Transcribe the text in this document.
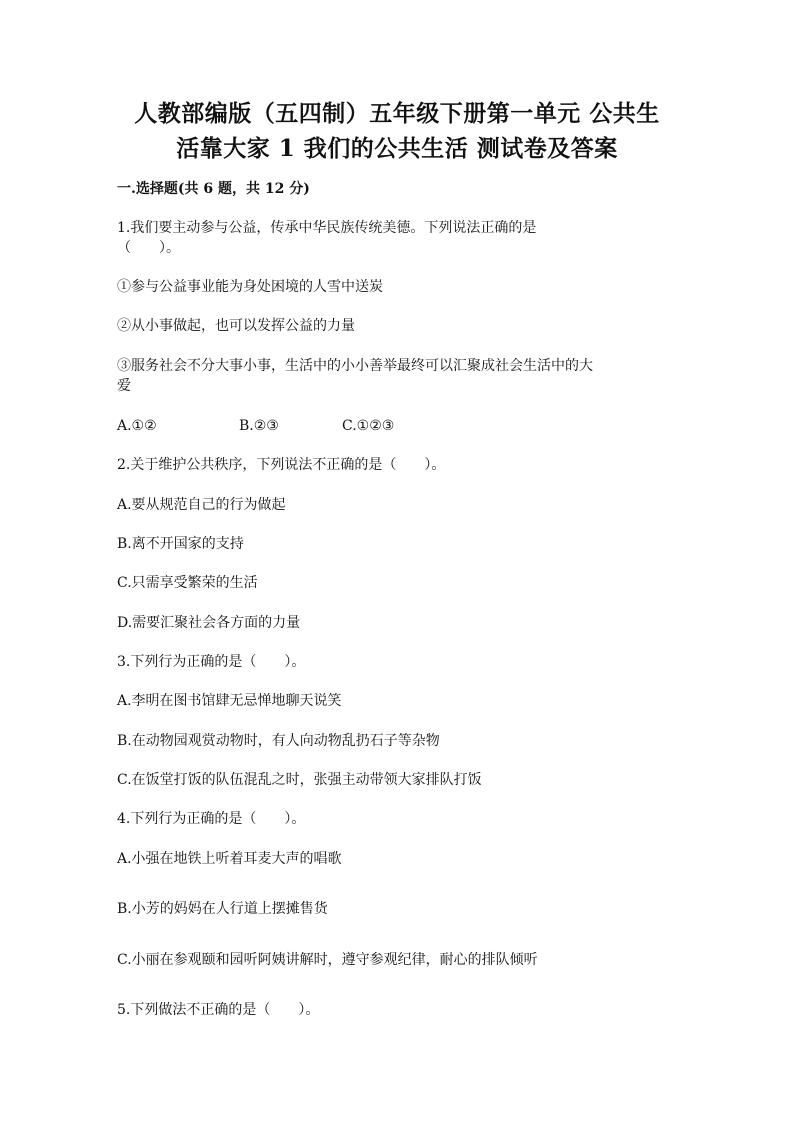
人教部编版（五四制）五年级下册第一单元 公共生
活靠大家 1 我们的公共生活 测试卷及答案
一.选择题(共 6 题，共 12 分)
1.我们要主动参与公益，传承中华民族传统美德。下列说法正确的是
（　　）。
①参与公益事业能为身处困境的人雪中送炭
②从小事做起，也可以发挥公益的力量
③服务社会不分大事小事，生活中的小小善举最终可以汇聚成社会生活中的大
爱
A.①②	B.②③	C.①②③
2.关于维护公共秩序，下列说法不正确的是（　　）。
A.要从规范自己的行为做起
B.离不开国家的支持
C.只需享受繁荣的生活
D.需要汇聚社会各方面的力量
3.下列行为正确的是（　　）。
A.李明在图书馆肆无忌惮地聊天说笑
B.在动物园观赏动物时，有人向动物乱扔石子等杂物
C.在饭堂打饭的队伍混乱之时，张强主动带领大家排队打饭
4.下列行为正确的是（　　）。
A.小强在地铁上听着耳麦大声的唱歌
B.小芳的妈妈在人行道上摆摊售货
C.小丽在参观颐和园听阿姨讲解时，遵守参观纪律，耐心的排队倾听
5.下列做法不正确的是（　　）。
